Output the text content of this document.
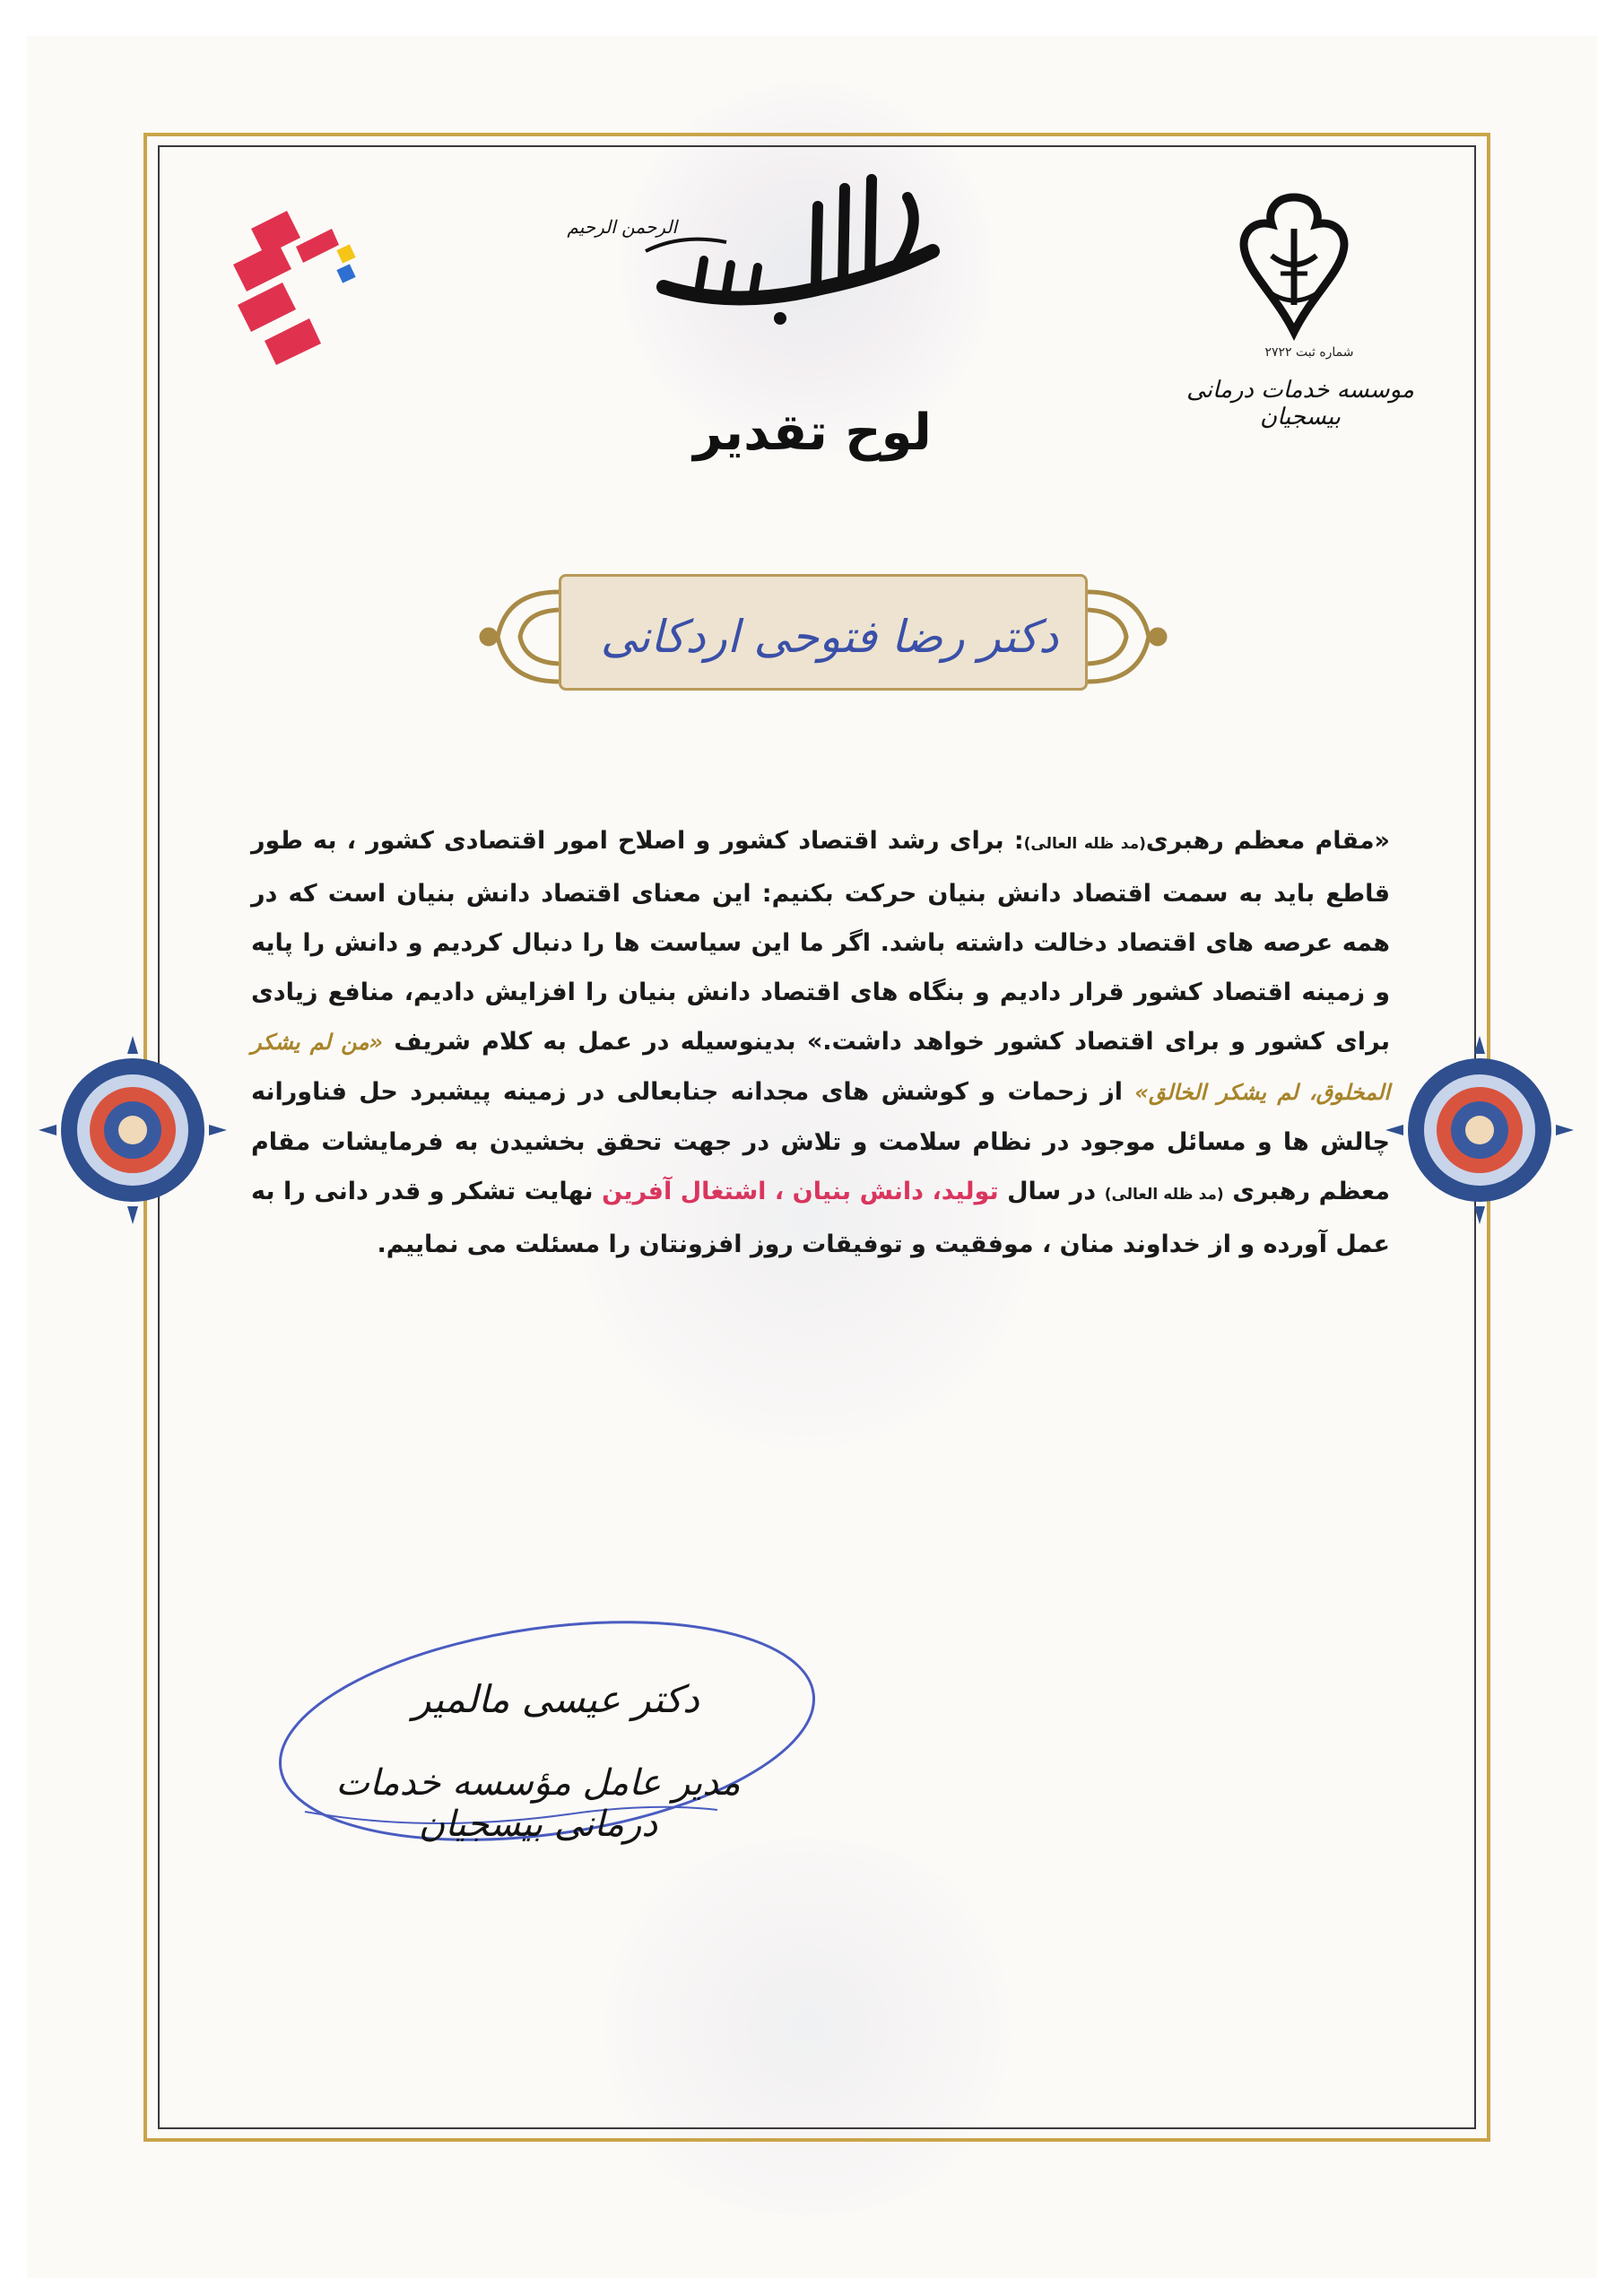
الرحمن الرحیم
شماره ثبت ۲۷۲۲
موسسه خدمات درمانی بیسجیان
لوح تقدیر
دکتر رضا فتوحی اردکانی
«مقام معظم رهبری(مد ظله العالی): برای رشد اقتصاد کشور و اصلاح امور اقتصادی کشور ، به طور قاطع باید به سمت اقتصاد دانش بنیان حرکت بکنیم: این معنای اقتصاد دانش بنیان است که در همه عرصه های اقتصاد دخالت داشته باشد. اگر ما این سیاست ها را دنبال کردیم و دانش را پایه و زمینه اقتصاد کشور قرار دادیم و بنگاه های اقتصاد دانش بنیان را افزایش دادیم، منافع زیادی برای کشور و برای اقتصاد کشور خواهد داشت.» بدینوسیله در عمل به کلام شریف «من لم یشکر المخلوق، لم یشکر الخالق» از زحمات و کوشش های مجدانه جنابعالی در زمینه پیشبرد حل فناورانه چالش ها و مسائل موجود در نظام سلامت و تلاش در جهت تحقق بخشیدن به فرمایشات مقام معظم رهبری (مد ظله العالی) در سال تولید، دانش بنیان ، اشتغال آفرین نهایت تشکر و قدر دانی را به عمل آورده و از خداوند منان ، موفقیت و توفیقات روز افزونتان را مسئلت می نماییم.
دکتر عیسی مالمیر
مدیر عامل مؤسسه خدمات درمانی بیسجیان
